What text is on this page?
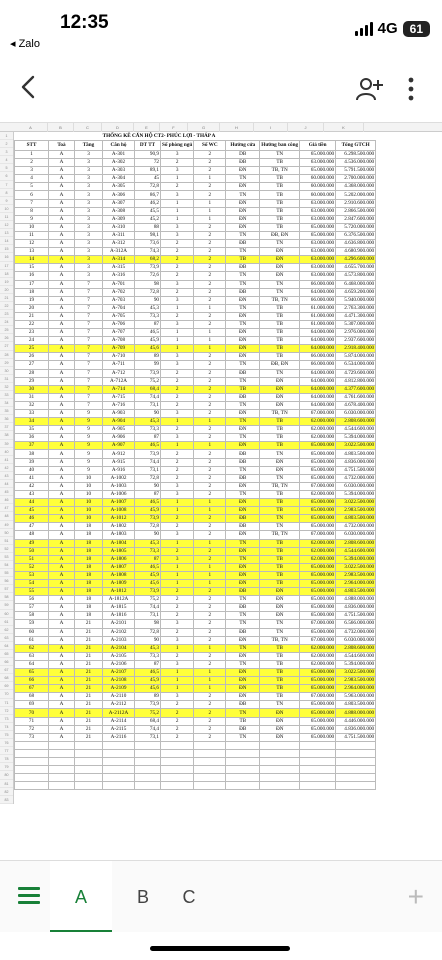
12:35
◂ Zalo
4G	61
A	B	C	D	E	F	G	H	I	J	K
1
2
3
4
5
6
7
8
9
10
11
12
13
14
15
16
17
18
19
20
21
22
23
24
25
26
27
28
29
30
31
32
33
34
35
36
37
38
39
40
41
42
43
44
45
46
47
48
49
50
51
52
53
54
55
56
57
58
59
60
61
62
63
64
65
66
67
68
69
70
71
72
73
74
75
76
77
78
79
80
81
82
83
THỐNG KÊ CĂN HỘ CT2- PHÚC LỢI - THÁP A
STT	Toà	Tầng	Căn hộ	DT TT	Số phòng ngủ	Số WC	Hướng cửa	Hướng ban công	Giá tiền	Tổng GTCH
1	A	3	A-301	90,9	3	2	DB	TN	65.000.000	6.298.500.000
2	A	3	A-302	72	2	2	ĐB	TB	63.000.000	4.536.000.000
3	A	3	A-303	89,1	3	2	ĐN	TB, TN	65.000.000	5.791.500.000
4	A	3	A-304	45	1	1	TN	TB	60.000.000	2.700.000.000
5	A	3	A-305	72,8	2	2	ĐN	TB	60.000.000	4.368.000.000
6	A	3	A-306	86,7	3	2	TN	TB	60.000.000	5.202.000.000
7	A	3	A-307	46,2	1	1	ĐN	TB	63.000.000	2.910.600.000
8	A	3	A-308	45,5	1	1	ĐN	TB	63.000.000	2.866.500.000
9	A	3	A-309	45,2	1	1	ĐN	TB	63.000.000	2.847.600.000
10	A	3	A-310	88	3	2	ĐN	TB	65.000.000	5.720.000.000
11	A	3	A-311	98,1	3	2	TN	ĐB, ĐN	65.000.000	6.376.500.000
12	A	3	A-312	73,6	2	2	ĐB	TN	63.000.000	4.636.800.000
13	A	3	A-312A	74,3	2	2	TN	ĐN	63.000.000	4.680.900.000
14	A	3	A-314	68,2	2	2	TB	ĐN	63.000.000	4.296.600.000
15	A	3	A-315	73,9	2	2	ĐB	ĐN	63.000.000	4.655.700.000
16	A	3	A-316	72,6	2	2	TN	ĐN	63.000.000	4.573.800.000
17	A	7	A-701	98	3	2	TN	TN	66.000.000	6.468.000.000
18	A	7	A-702	72,8	2	2	ĐB	TN	64.000.000	4.659.200.000
19	A	7	A-703	90	3	2	ĐN	TB, TN	66.000.000	5.940.000.000
20	A	7	A-704	45,3	1	1	TN	TB	61.000.000	2.763.300.000
21	A	7	A-705	73,3	2	2	ĐN	TB	61.000.000	4.471.300.000
22	A	7	A-706	87	3	2	TN	TB	61.000.000	5.307.000.000
23	A	7	A-707	46,5	1	1	ĐN	TB	64.000.000	2.976.000.000
24	A	7	A-708	45,9	1	1	ĐN	TB	64.000.000	2.937.600.000
25	A	7	A-709	45,6	1	1	ĐN	TB	64.000.000	2.918.400.000
26	A	7	A-710	89	3	2	ĐN	TB	66.000.000	5.874.000.000
27	A	7	A-711	99	3	2	TN	ĐB, ĐN	66.000.000	6.534.000.000
28	A	7	A-712	73,9	2	2	ĐB	TN	64.000.000	4.729.600.000
29	A	7	A-712A	75,2	2	2	TN	ĐN	64.000.000	4.812.800.000
30	A	7	A-714	68,4	2	2	TB	ĐN	64.000.000	4.377.600.000
31	A	7	A-715	74,4	2	2	ĐB	ĐN	64.000.000	4.761.600.000
32	A	7	A-716	73,1	2	2	TN	ĐN	64.000.000	4.678.400.000
33	A	9	A-903	90	3	2	ĐN	TB, TN	67.000.000	6.030.000.000
34	A	9	A-904	45,3	1	1	TN	TB	62.000.000	2.808.600.000
35	A	9	A-905	73,3	2	2	ĐN	TB	62.000.000	4.544.600.000
36	A	9	A-906	87	3	2	TN	TB	62.000.000	5.394.000.000
37	A	9	A-907	46,5	1	1	ĐN	TB	65.000.000	3.022.500.000
38	A	9	A-912	73,9	2	2	ĐB	TN	65.000.000	4.803.500.000
39	A	9	A-915	74,4	2	2	ĐB	ĐN	65.000.000	4.836.000.000
40	A	9	A-916	73,1	2	2	TN	ĐN	65.000.000	4.751.500.000
41	A	10	A-1002	72,8	2	2	ĐB	TN	65.000.000	4.732.000.000
42	A	10	A-1003	90	3	2	ĐN	TB, TN	67.000.000	6.030.000.000
43	A	10	A-1006	87	3	2	TN	TB	62.000.000	5.394.000.000
44	A	10	A-1007	46,5	1	1	ĐN	TB	65.000.000	3.022.500.000
45	A	10	A-1008	45,9	1	1	ĐN	TB	65.000.000	2.983.500.000
46	A	10	A-1012	73,9	2	2	ĐB	TN	65.000.000	4.803.500.000
47	A	18	A-1802	72,8	2	2	ĐB	TN	65.000.000	4.732.000.000
48	A	18	A-1803	90	3	2	ĐN	TB, TN	67.000.000	6.030.000.000
49	A	18	A-1804	45,3	1	1	TN	TB	62.000.000	2.808.600.000
50	A	18	A-1805	73,3	2	2	ĐN	TB	62.000.000	4.544.600.000
51	A	18	A-1806	87	3	2	TN	TB	62.000.000	5.394.000.000
52	A	18	A-1807	46,5	1	1	ĐN	TB	65.000.000	3.022.500.000
53	A	18	A-1808	45,9	1	1	ĐN	TB	65.000.000	2.983.500.000
54	A	18	A-1809	45,6	1	1	ĐN	TB	65.000.000	2.964.000.000
55	A	18	A-1812	73,9	2	2	ĐB	ĐN	65.000.000	4.803.500.000
56	A	18	A-1812A	75,2	2	2	TN	ĐN	65.000.000	4.888.000.000
57	A	18	A-1815	74,4	2	2	ĐB	ĐN	65.000.000	4.836.000.000
58	A	18	A-1816	73,1	2	2	TN	ĐN	65.000.000	4.751.500.000
59	A	21	A-2101	98	3	2	TN	TN	67.000.000	6.566.000.000
60	A	21	A-2102	72,8	2	2	ĐB	TN	65.000.000	4.732.000.000
61	A	21	A-2103	90	3	2	ĐN	TB, TN	67.000.000	6.030.000.000
62	A	21	A-2104	45,3	1	1	TN	TB	62.000.000	2.808.600.000
63	A	21	A-2105	73,3	2	2	ĐN	TB	62.000.000	4.544.600.000
64	A	21	A-2106	87	3	2	TN	TB	62.000.000	5.394.000.000
65	A	21	A-2107	46,5	1	1	ĐN	TB	65.000.000	3.022.500.000
66	A	21	A-2108	45,9	1	1	ĐN	TB	65.000.000	2.983.500.000
67	A	21	A-2109	45,6	1	1	ĐN	TB	65.000.000	2.964.000.000
68	A	21	A-2110	89	3	2	ĐN	TB	67.000.000	5.963.000.000
69	A	21	A-2112	73,9	2	2	ĐB	TN	65.000.000	4.803.500.000
70	A	21	A-2112A	75,2	2	2	TN	ĐN	65.000.000	4.888.000.000
71	A	21	A-2114	68,4	2	2	TB	ĐN	65.000.000	4.446.000.000
72	A	21	A-2115	74,4	2	2	ĐB	ĐN	65.000.000	4.836.000.000
73	A	21	A-2116	73,1	2	2	TN	ĐN	65.000.000	4.751.500.000

A	B	C	+
